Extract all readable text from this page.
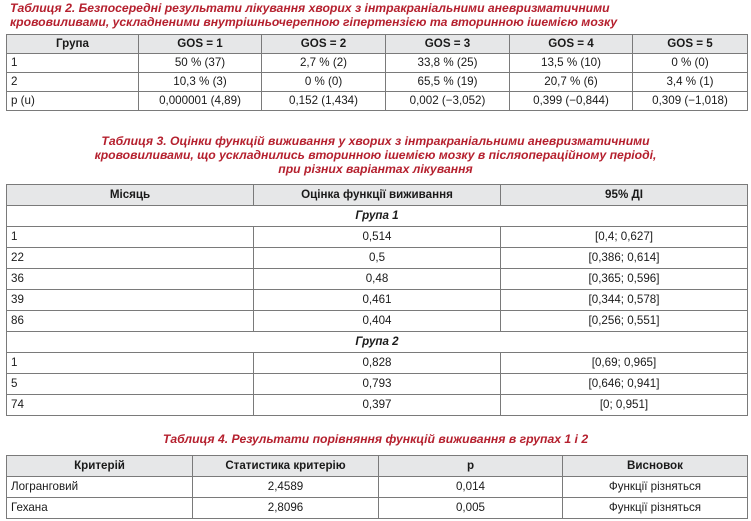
Таблиця 2. Безпосередні результати лікування хворих з інтракраніальними аневризматичними
крововиливами, ускладненими внутрішньочерепною гіпертензією та вторинною ішемією мозку
Група	GOS = 1	GOS = 2	GOS = 3	GOS = 4	GOS = 5
1	50 % (37)	2,7 % (2)	33,8 % (25)	13,5 % (10)	0 % (0)
2	10,3 % (3)	0 % (0)	65,5 % (19)	20,7 % (6)	3,4 % (1)
p (u)	0,000001 (4,89)	0,152 (1,434)	0,002 (−3,052)	0,399 (−0,844)	0,309 (−1,018)
Таблиця 3. Оцінки функцій виживання у хворих з інтракраніальними аневризматичними
крововиливами, що ускладнились вторинною ішемією мозку в післяопераційному періоді,
при різних варіантах лікування
Місяць	Оцінка функції виживання	95% ДІ
Група 1		
1	0,514	[0,4; 0,627]
22	0,5	[0,386; 0,614]
36	0,48	[0,365; 0,596]
39	0,461	[0,344; 0,578]
86	0,404	[0,256; 0,551]
Група 2		
1	0,828	[0,69; 0,965]
5	0,793	[0,646; 0,941]
74	0,397	[0; 0,951]
Таблиця 4. Результати порівняння функцій виживання в групах 1 і 2
Критерій	Статистика критерію	p	Висновок
Логранговий	2,4589	0,014	Функції різняться
Гехана	2,8096	0,005	Функції різняться
